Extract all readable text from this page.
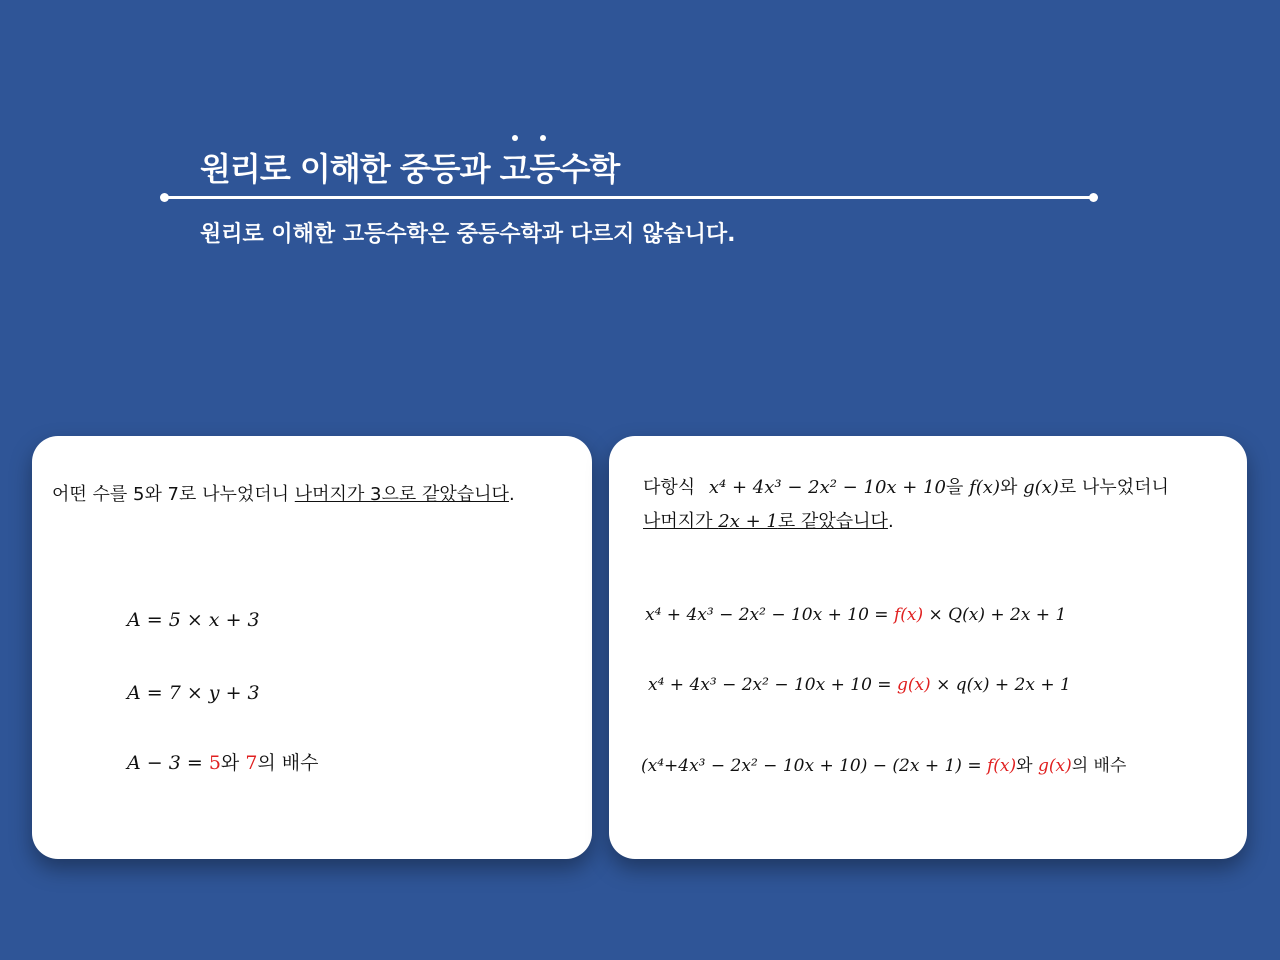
원리로 이해한 중등과 고등수학
원리로 이해한 고등수학은 중등수학과 다르지 않습니다.
어떤 수를 5와 7로 나누었더니 나머지가 3으로 같았습니다.
A = 5 × x + 3
A = 7 × y + 3
A − 3 = 5와 7의 배수
다항식 x⁴ + 4x³ − 2x² − 10x + 10을 f(x)와 g(x)로 나누었더니
나머지가 2x + 1로 같았습니다.
x⁴ + 4x³ − 2x² − 10x + 10 = f(x) × Q(x) + 2x + 1
x⁴ + 4x³ − 2x² − 10x + 10 = g(x) × q(x) + 2x + 1
(x⁴+4x³ − 2x² − 10x + 10) − (2x + 1) = f(x)와 g(x)의 배수
